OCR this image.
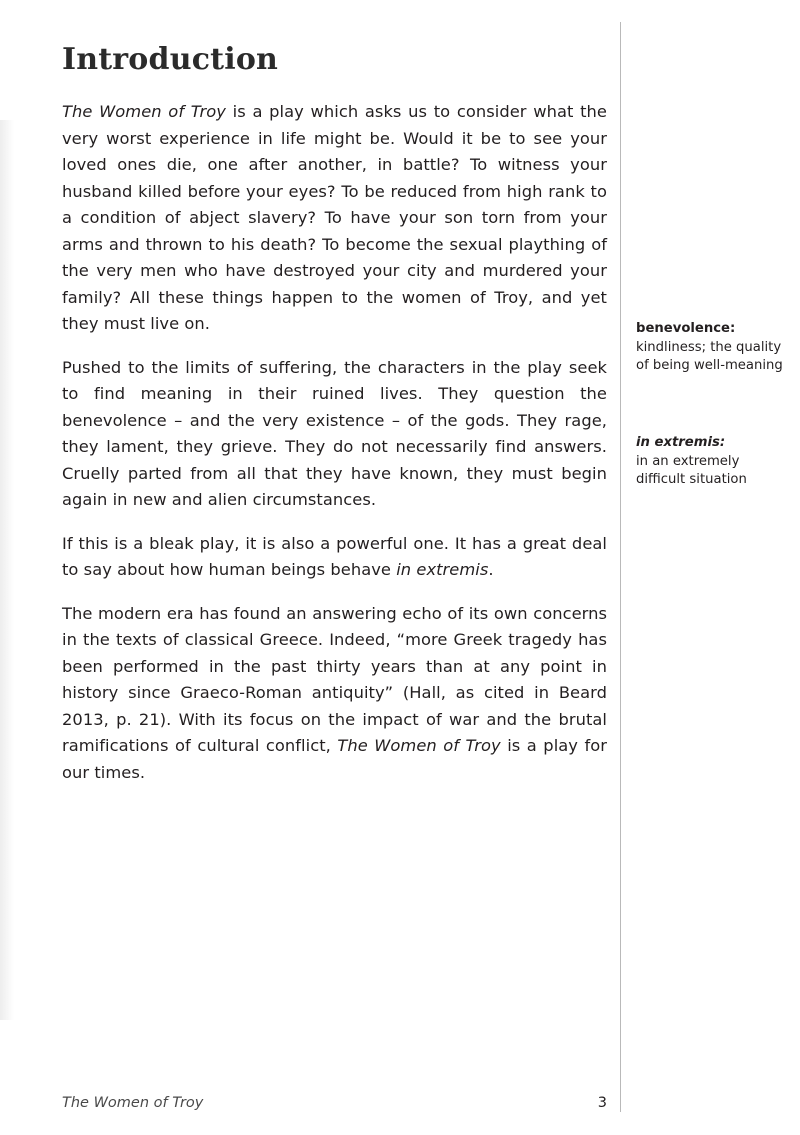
Introduction

The Women of Troy is a play which asks us to consider what the very worst experience in life might be. Would it be to see your loved ones die, one after another, in battle? To witness your husband killed before your eyes? To be reduced from high rank to a condition of abject slavery? To have your son torn from your arms and thrown to his death? To become the sexual plaything of the very men who have destroyed your city and murdered your family? All these things happen to the women of Troy, and yet they must live on.

Pushed to the limits of suffering, the characters in the play seek to find meaning in their ruined lives. They question the benevolence – and the very existence – of the gods. They rage, they lament, they grieve. They do not necessarily find answers. Cruelly parted from all that they have known, they must begin again in new and alien circumstances.

If this is a bleak play, it is also a powerful one. It has a great deal to say about how human beings behave in extremis.

The modern era has found an answering echo of its own concerns in the texts of classical Greece. Indeed, “more Greek tragedy has been performed in the past thirty years than at any point in history since Graeco-Roman antiquity” (Hall, as cited in Beard 2013, p. 21). With its focus on the impact of war and the brutal ramifications of cultural conflict, The Women of Troy is a play for our times.

benevolence:
kindliness; the quality of being well-meaning
in extremis:
in an extremely difficult situation
The Women of Troy	3
